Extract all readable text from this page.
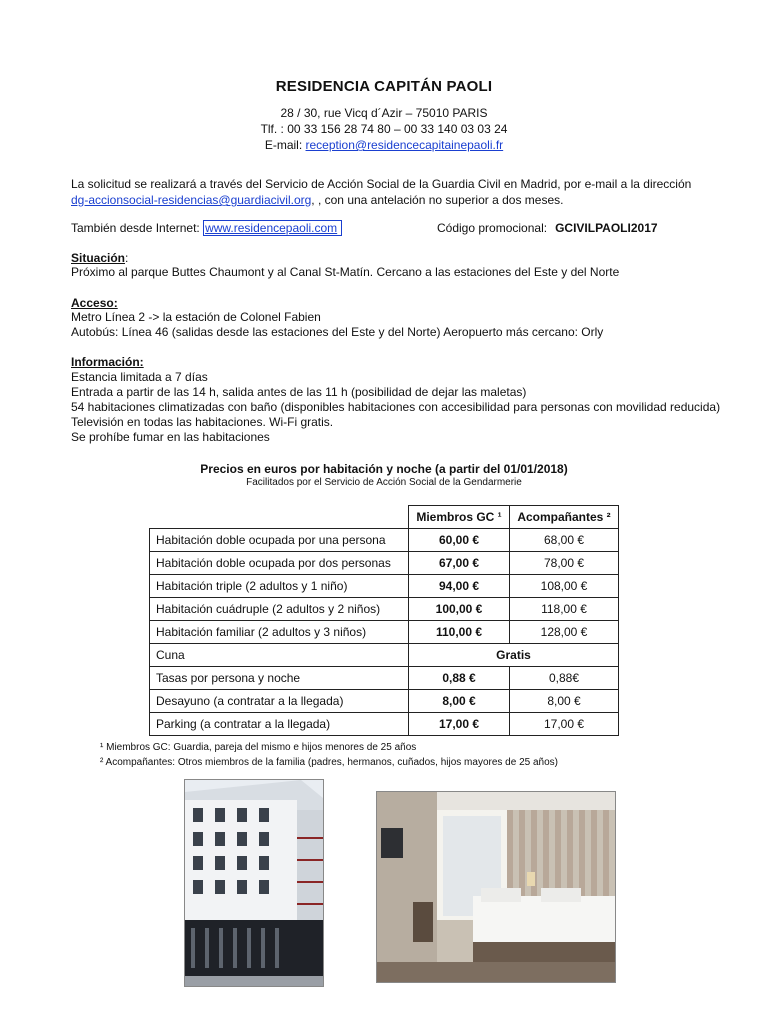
RESIDENCIA CAPITÁN PAOLI
28 / 30, rue Vicq d´Azir – 75010 PARIS
Tlf. : 00 33 156 28 74 80 – 00 33 140 03 03 24
E-mail: reception@residencecapitainepaoli.fr
La solicitud se realizará a través del Servicio de Acción Social de la Guardia Civil en Madrid, por e-mail a la dirección
dg-accionsocial-residencias@guardiacivil.org, , con una antelación no superior a dos meses.
También desde Internet: www.residencepaoli.com	Código promocional: GCIVILPAOLI2017
Situación:
Próximo al parque Buttes Chaumont y al Canal St-Matín. Cercano a las estaciones del Este y del Norte
Acceso:
Metro Línea 2 -> la estación de Colonel Fabien
Autobús: Línea 46 (salidas desde las estaciones del Este y del Norte) Aeropuerto más cercano: Orly
Información:
Estancia limitada a 7 días
Entrada a partir de las 14 h, salida antes de las 11 h (posibilidad de dejar las maletas)
54 habitaciones climatizadas con baño (disponibles habitaciones con accesibilidad para personas con movilidad reducida)
Televisión en todas las habitaciones. Wi-Fi gratis.
Se prohíbe fumar en las habitaciones
Precios en euros por habitación y noche (a partir del 01/01/2018)
Facilitados por el Servicio de Acción Social de la Gendarmerie
	Miembros GC ¹	Acompañantes ²
Habitación doble ocupada por una persona	60,00 €	68,00 €
Habitación doble ocupada por dos personas	67,00 €	78,00 €
Habitación triple (2 adultos y 1 niño)	94,00 €	108,00 €
Habitación cuádruple (2 adultos y 2 niños)	100,00 €	118,00 €
Habitación familiar (2 adultos y 3 niños)	110,00 €	128,00 €
Cuna	Gratis	
Tasas por persona y noche	0,88 €	0,88€
Desayuno (a contratar a la llegada)	8,00 €	8,00 €
Parking (a contratar a la llegada)	17,00 €	17,00 €
¹ Miembros GC: Guardia, pareja del mismo e hijos menores de 25 años
² Acompañantes: Otros miembros de la familia (padres, hermanos, cuñados, hijos mayores de 25 años)
